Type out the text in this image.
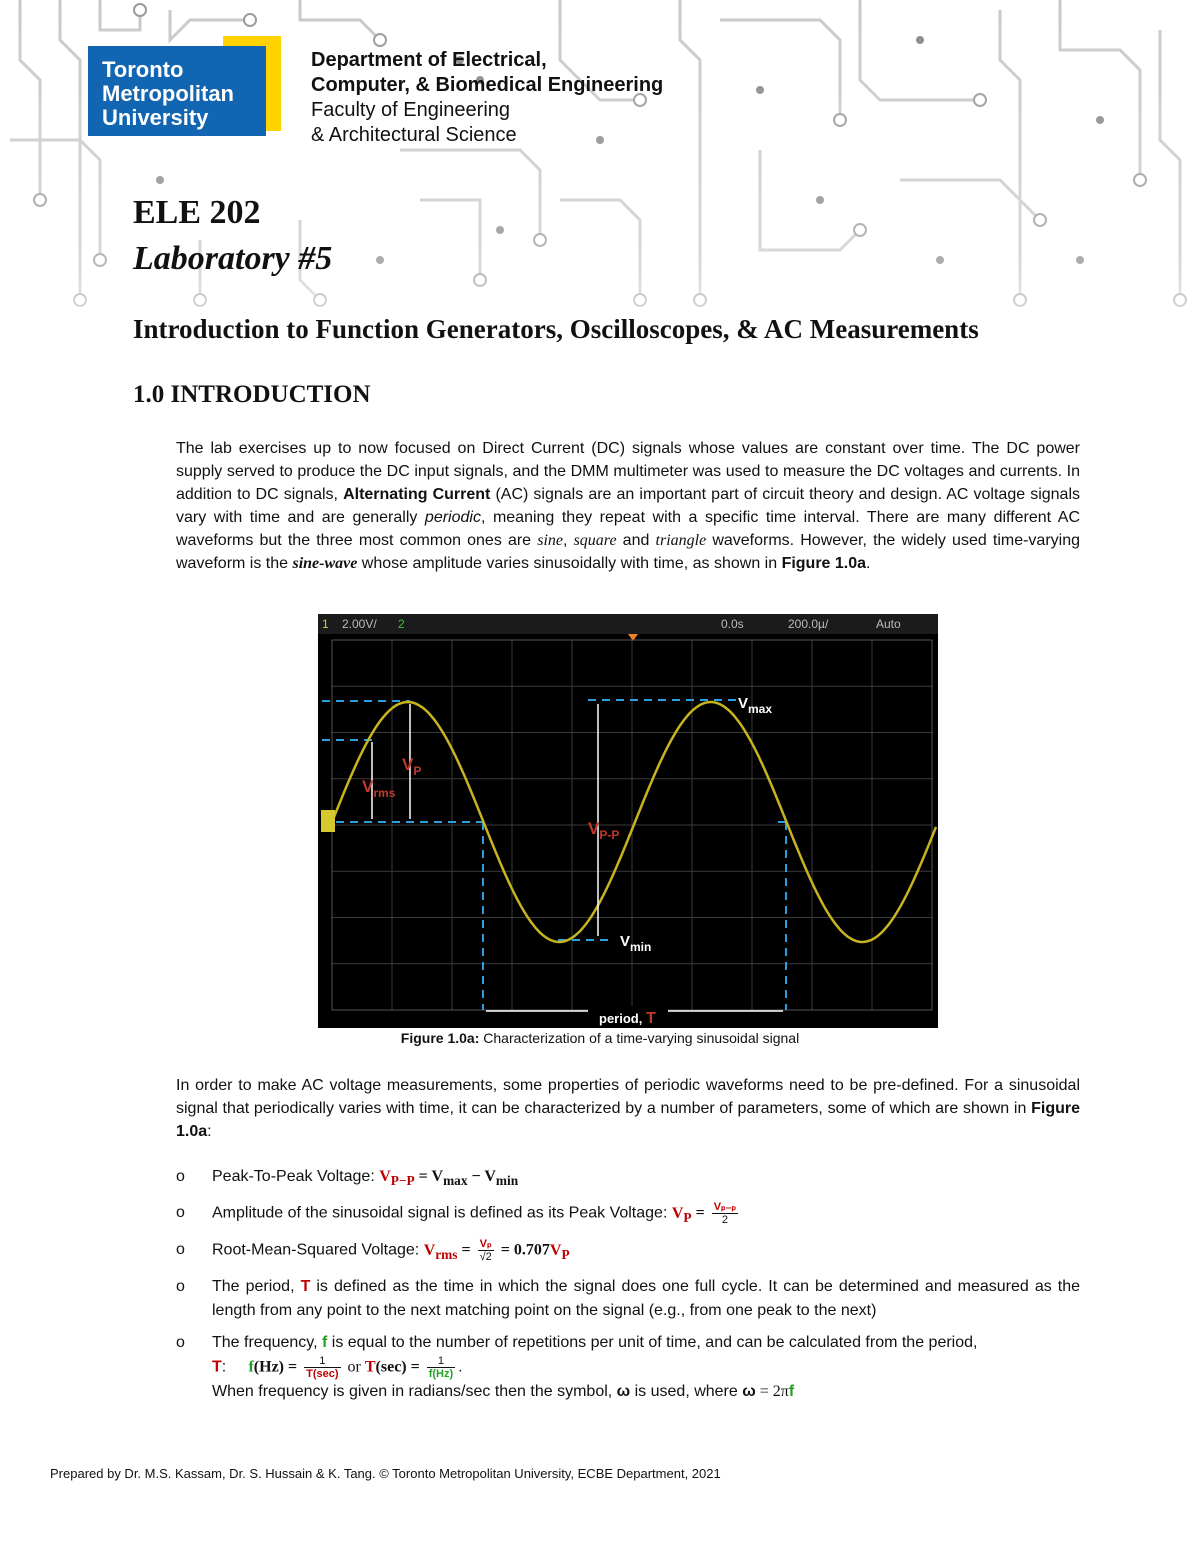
Toronto
Metropolitan
University
Department of Electrical,
Computer, & Biomedical Engineering
Faculty of Engineering
& Architectural Science
ELE 202
Laboratory #5
Introduction to Function Generators, Oscilloscopes, & AC Measurements
1.0 INTRODUCTION
The lab exercises up to now focused on Direct Current (DC) signals whose values are constant over time. The DC power supply served to produce the DC input signals, and the DMM multimeter was used to measure the DC voltages and currents. In addition to DC signals, Alternating Current (AC) signals are an important part of circuit theory and design. AC voltage signals vary with time and are generally periodic, meaning they repeat with a specific time interval. There are many different AC waveforms but the three most common ones are sine, square and triangle waveforms. However, the widely used time-varying waveform is the sine-wave whose amplitude varies sinusoidally with time, as shown in Figure 1.0a.
1 2.00V/ 2	0.0s	200.0µ/	Auto
$V_{max}$
$V_{min}$
$V_P$
$V_{rms}$
$V_{P-P}$
period, T
Figure 1.0a: Characterization of a time-varying sinusoidal signal
In order to make AC voltage measurements, some properties of periodic waveforms need to be pre-defined. For a sinusoidal signal that periodically varies with time, it can be characterized by a number of parameters, some of which are shown in Figure 1.0a:
o Peak-To-Peak Voltage: $V_{P-P} = V_{max} - V_{min}$
o Amplitude of the sinusoidal signal is defined as its Peak Voltage: $V_P = \frac{\text{Vₚ₋ₚ}}{2}$
o Root-Mean-Squared Voltage: $V_{rms} = \frac{\text{Vₚ}}{√2} = 0.707V_P$
o The period, T is defined as the time in which the signal does one full cycle. It can be determined and measured as the length from any point to the next matching point on the signal (e.g., from one peak to the next)
o The frequency, f is equal to the number of repetitions per unit of time, and can be calculated from the period,
T: $f(Hz) = \frac{1}{T(\sec)}$ or $T(\sec) = \frac{1}{f(Hz)}$ .
When frequency is given in radians/sec then the symbol, ω is used, where ω = 2πf
Prepared by Dr. M.S. Kassam, Dr. S. Hussain & K. Tang. © Toronto Metropolitan University, ECBE Department, 2021
